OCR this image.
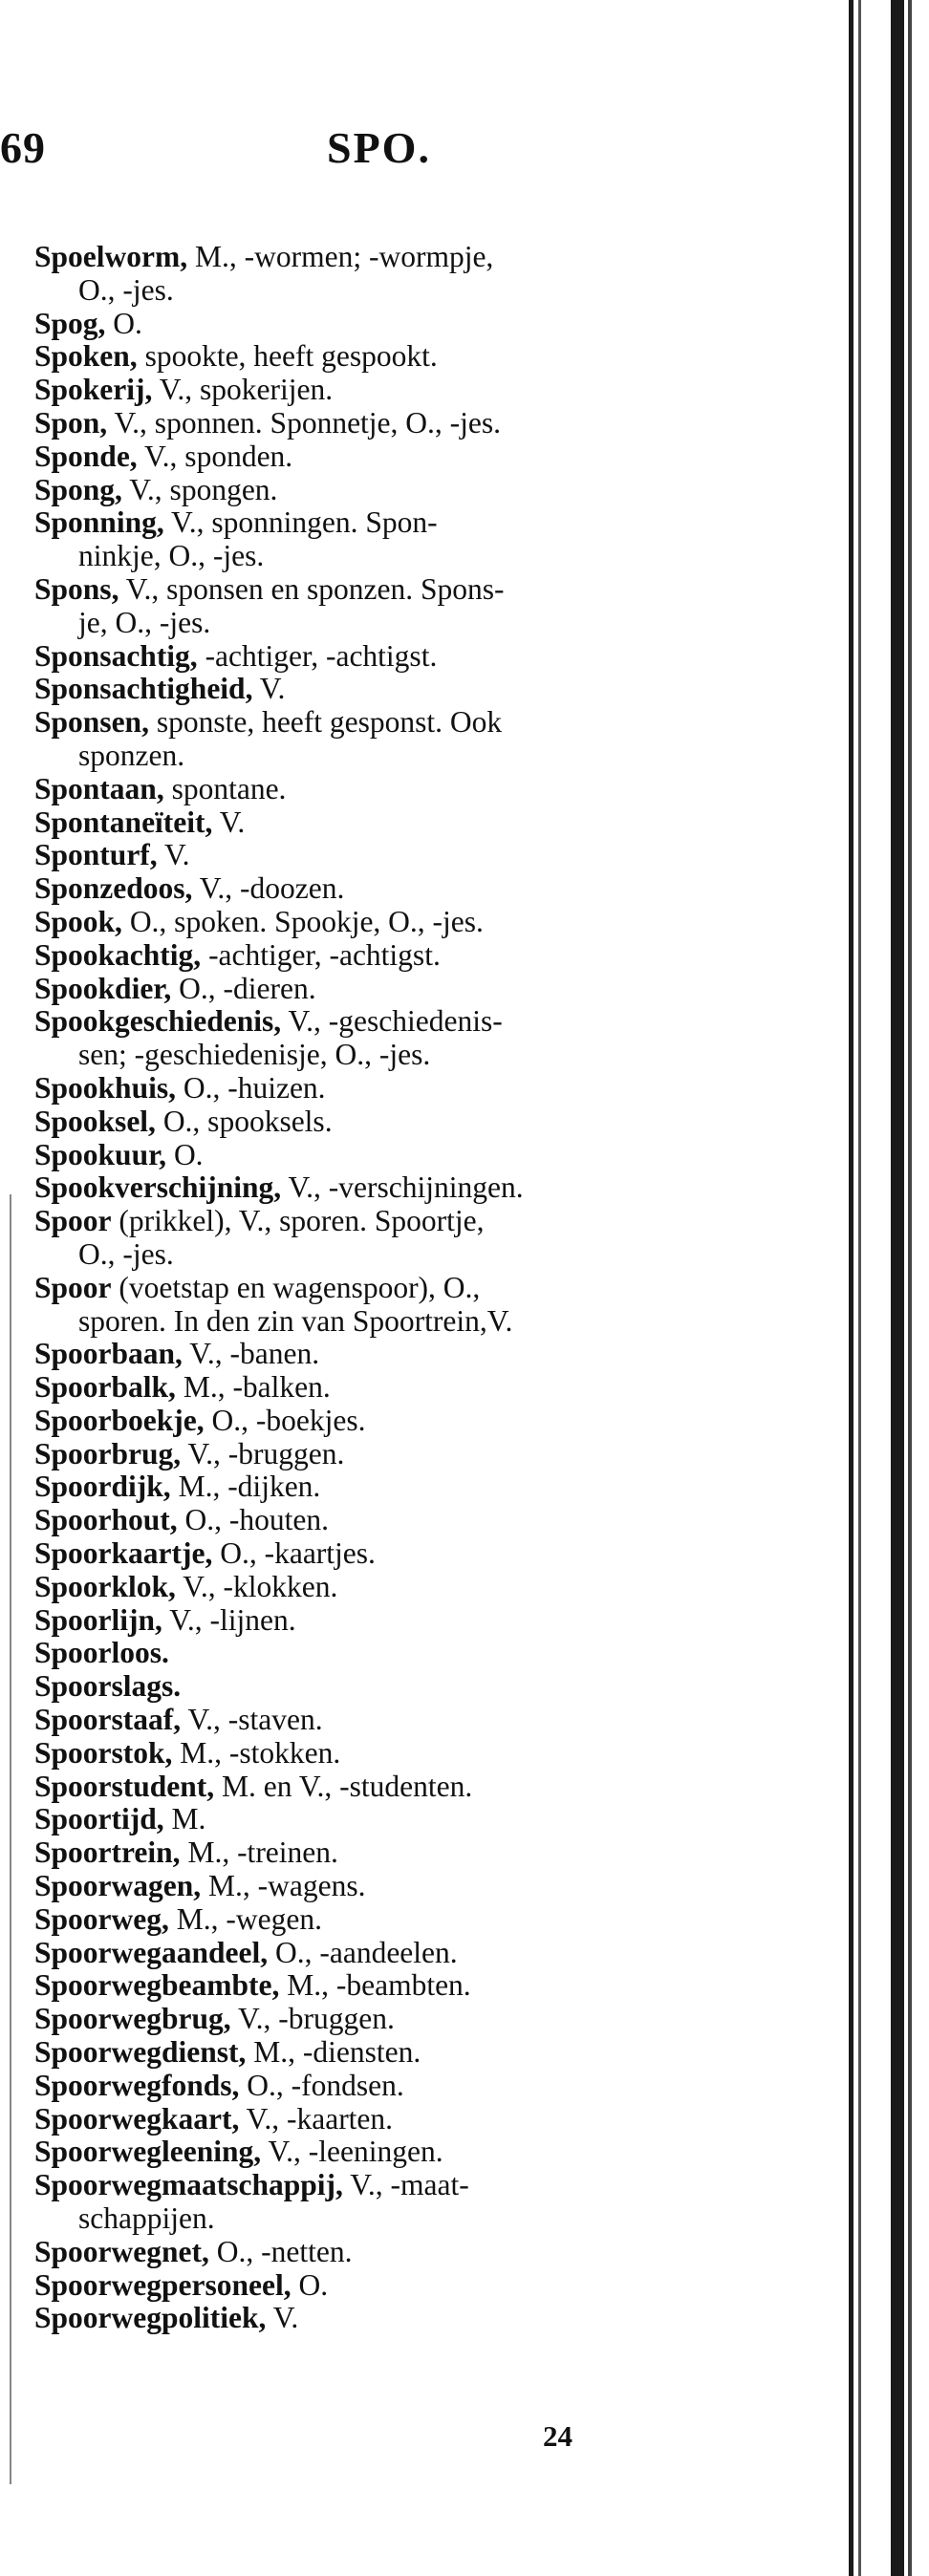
69	SPO.
Spoelworm, M., -wormen; -wormpje,
O., -jes.
Spog, O.
Spoken, spookte, heeft gespookt.
Spokerij, V., spokerijen.
Spon, V., sponnen. Sponnetje, O., -jes.
Sponde, V., sponden.
Spong, V., spongen.
Sponning, V., sponningen. Spon-
ninkje, O., -jes.
Spons, V., sponsen en sponzen. Spons-
je, O., -jes.
Sponsachtig, -achtiger, -achtigst.
Sponsachtigheid, V.
Sponsen, sponste, heeft gesponst. Ook
sponzen.
Spontaan, spontane.
Spontaneïteit, V.
Sponturf, V.
Sponzedoos, V., -doozen.
Spook, O., spoken. Spookje, O., -jes.
Spookachtig, -achtiger, -achtigst.
Spookdier, O., -dieren.
Spookgeschiedenis, V., -geschiedenis-
sen; -geschiedenisje, O., -jes.
Spookhuis, O., -huizen.
Spooksel, O., spooksels.
Spookuur, O.
Spookverschijning, V., -verschijningen.
Spoor (prikkel), V., sporen. Spoortje,
O., -jes.
Spoor (voetstap en wagenspoor), O.,
sporen. In den zin van Spoortrein,V.
Spoorbaan, V., -banen.
Spoorbalk, M., -balken.
Spoorboekje, O., -boekjes.
Spoorbrug, V., -bruggen.
Spoordijk, M., -dijken.
Spoorhout, O., -houten.
Spoorkaartje, O., -kaartjes.
Spoorklok, V., -klokken.
Spoorlijn, V., -lijnen.
Spoorloos.
Spoorslags.
Spoorstaaf, V., -staven.
Spoorstok, M., -stokken.
Spoorstudent, M. en V., -studenten.
Spoortijd, M.
Spoortrein, M., -treinen.
Spoorwagen, M., -wagens.
Spoorweg, M., -wegen.
Spoorwegaandeel, O., -aandeelen.
Spoorwegbeambte, M., -beambten.
Spoorwegbrug, V., -bruggen.
Spoorwegdienst, M., -diensten.
Spoorwegfonds, O., -fondsen.
Spoorwegkaart, V., -kaarten.
Spoorwegleening, V., -leeningen.
Spoorwegmaatschappij, V., -maat-
schappijen.
Spoorwegnet, O., -netten.
Spoorwegpersoneel, O.
Spoorwegpolitiek, V.
24
